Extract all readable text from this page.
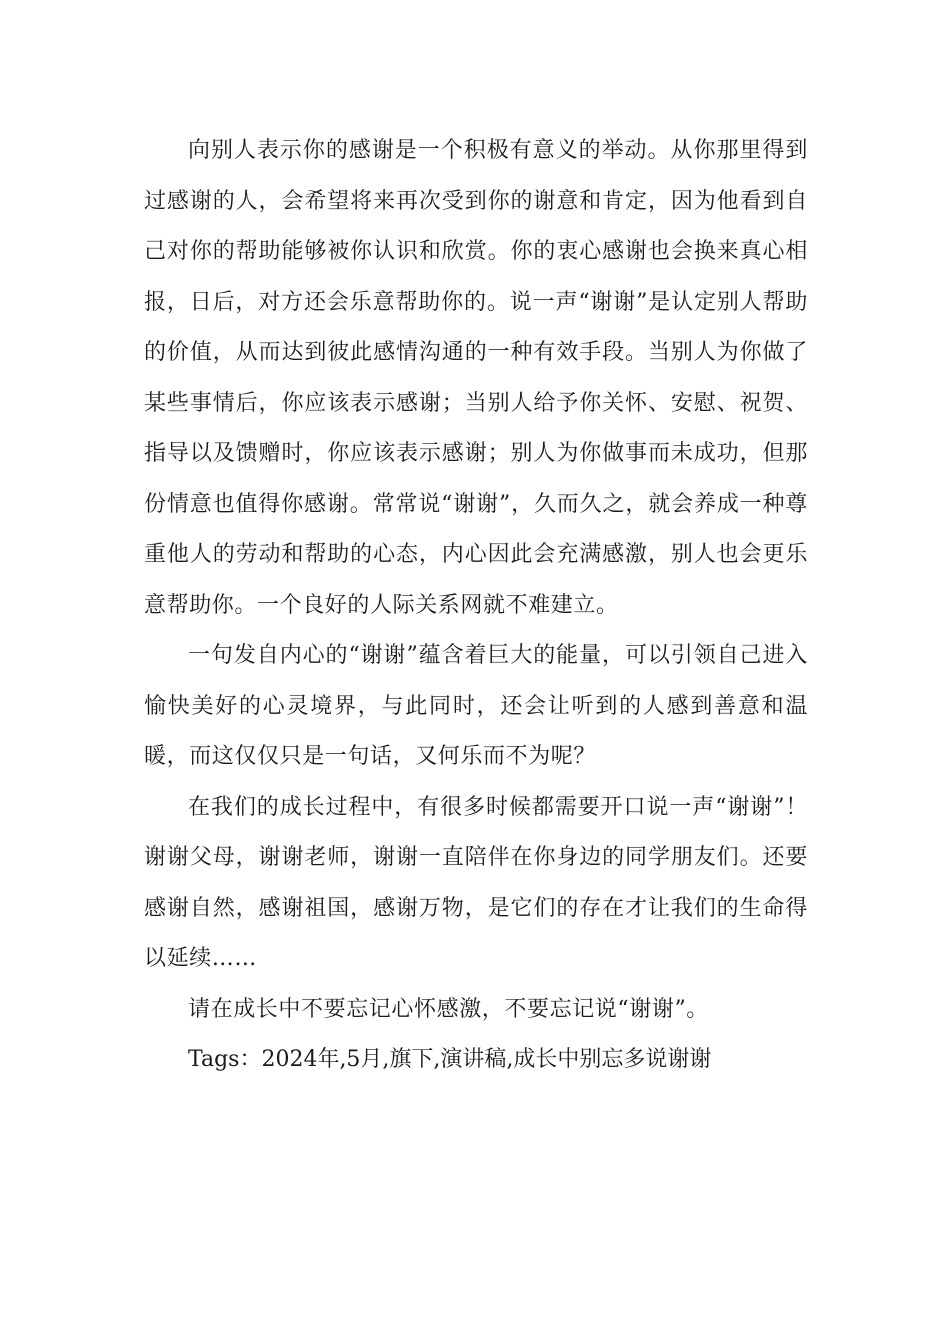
向别人表示你的感谢是一个积极有意义的举动。从你那里得到过感谢的人，会希望将来再次受到你的谢意和肯定，因为他看到自己对你的帮助能够被你认识和欣赏。你的衷心感谢也会换来真心相报，日后，对方还会乐意帮助你的。说一声“谢谢”是认定别人帮助的价值，从而达到彼此感情沟通的一种有效手段。当别人为你做了某些事情后，你应该表示感谢；当别人给予你关怀、安慰、祝贺、指导以及馈赠时，你应该表示感谢；别人为你做事而未成功，但那份情意也值得你感谢。常常说“谢谢”，久而久之，就会养成一种尊重他人的劳动和帮助的心态，内心因此会充满感激，别人也会更乐意帮助你。一个良好的人际关系网就不难建立。

一句发自内心的“谢谢”蕴含着巨大的能量，可以引领自己进入愉快美好的心灵境界，与此同时，还会让听到的人感到善意和温暖，而这仅仅只是一句话，又何乐而不为呢？

在我们的成长过程中，有很多时候都需要开口说一声“谢谢”！谢谢父母，谢谢老师，谢谢一直陪伴在你身边的同学朋友们。还要感谢自然，感谢祖国，感谢万物，是它们的存在才让我们的生命得以延续……

请在成长中不要忘记心怀感激，不要忘记说“谢谢”。

Tags：2024年,5月,旗下,演讲稿,成长中别忘多说谢谢
